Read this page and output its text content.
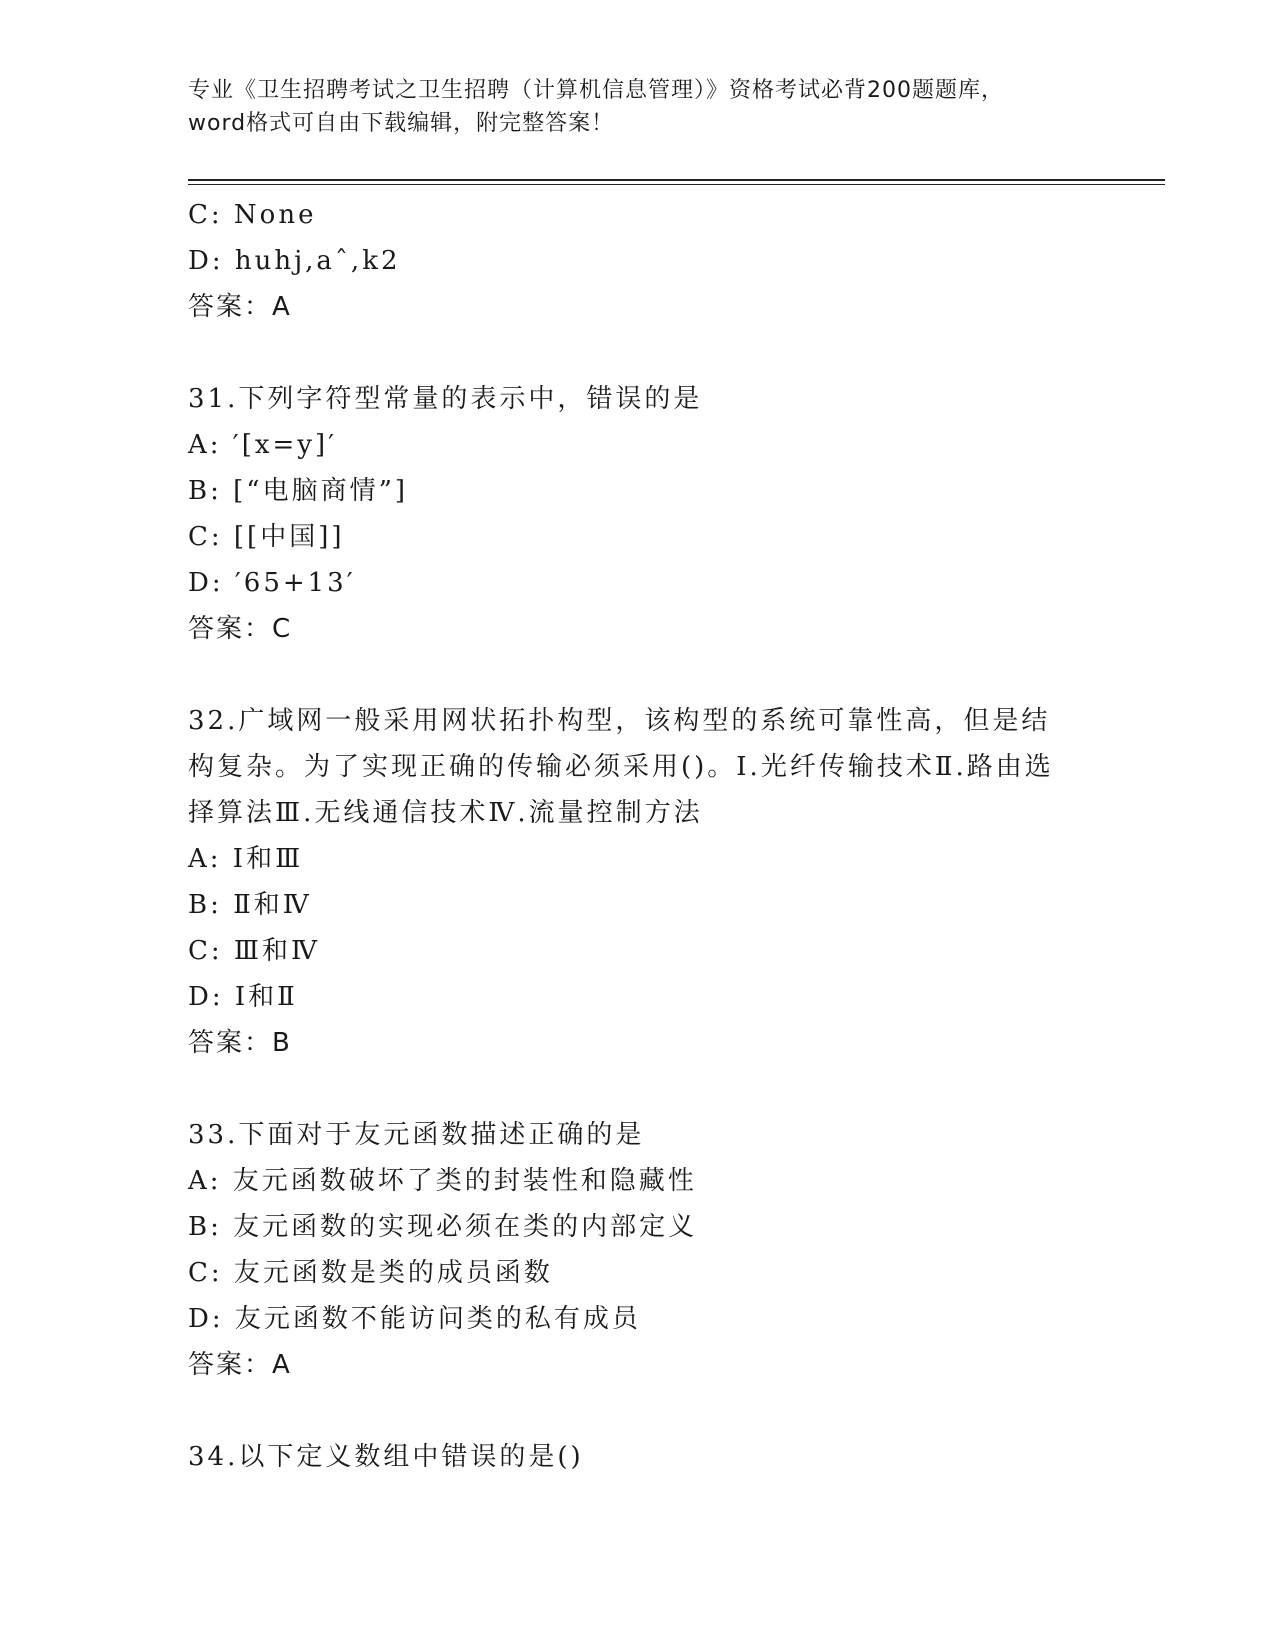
专业《卫生招聘考试之卫生招聘（计算机信息管理）》资格考试必背200题题库，
word格式可自由下载编辑，附完整答案！
C: None
D: huhj,aˆ,k2
答案：A
31.下列字符型常量的表示中，错误的是
A: ′[x=y]′
B: [“电脑商情”]
C: [[中国]]
D: ′65+13′
答案：C
32.广域网一般采用网状拓扑构型，该构型的系统可靠性高，但是结构复杂。为了实现正确的传输必须采用()。Ⅰ.光纤传输技术Ⅱ.路由选择算法Ⅲ.无线通信技术Ⅳ.流量控制方法
A: Ⅰ和Ⅲ
B: Ⅱ和Ⅳ
C: Ⅲ和Ⅳ
D: Ⅰ和Ⅱ
答案：B
33.下面对于友元函数描述正确的是
A: 友元函数破坏了类的封装性和隐藏性
B: 友元函数的实现必须在类的内部定义
C: 友元函数是类的成员函数
D: 友元函数不能访问类的私有成员
答案：A
34.以下定义数组中错误的是()
